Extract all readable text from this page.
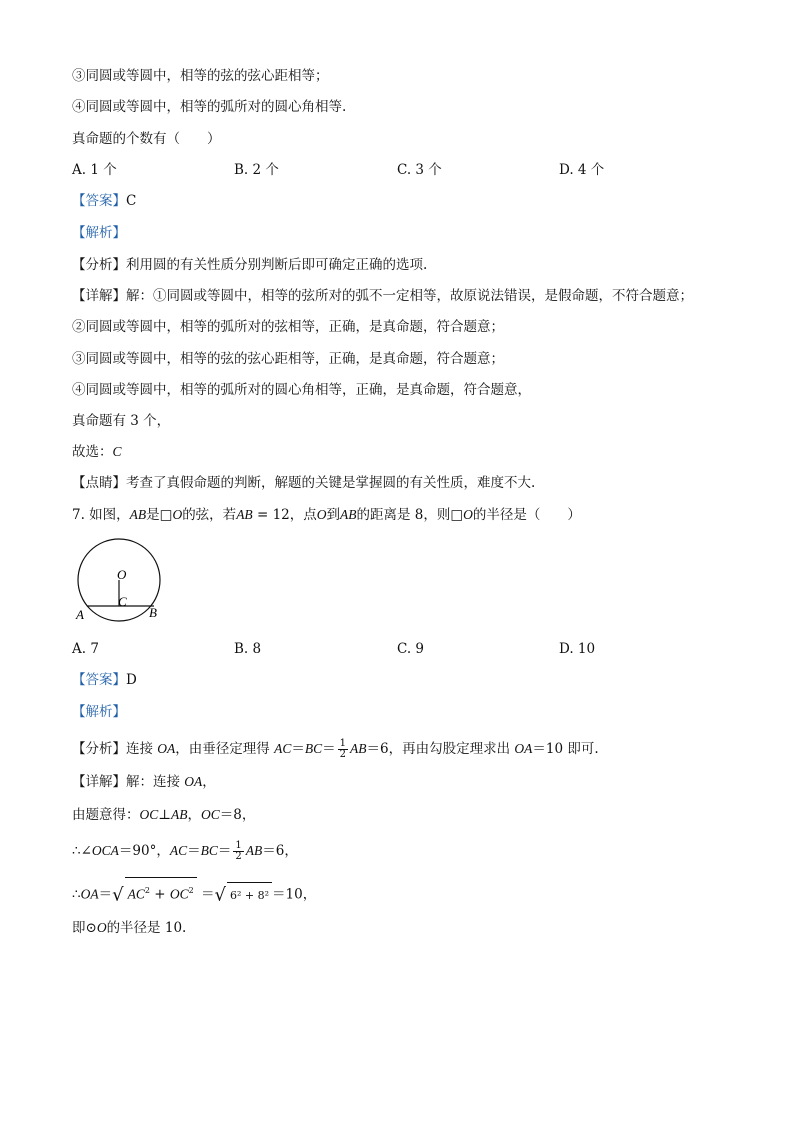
③同圆或等圆中，相等的弦的弦心距相等；
④同圆或等圆中，相等的弧所对的圆心角相等.
真命题的个数有（　　）
A. 1 个	B. 2 个	C. 3 个	D. 4 个
【答案】C
【解析】
【分析】利用圆的有关性质分别判断后即可确定正确的选项.
【详解】解：①同圆或等圆中，相等的弦所对的弧不一定相等，故原说法错误，是假命题，不符合题意；
②同圆或等圆中，相等的弧所对的弦相等，正确，是真命题，符合题意；
③同圆或等圆中，相等的弦的弦心距相等，正确，是真命题，符合题意；
④同圆或等圆中，相等的弧所对的圆心角相等，正确，是真命题，符合题意，
真命题有 3 个，
故选：C
【点睛】考查了真假命题的判断，解题的关键是掌握圆的有关性质，难度不大.
7. 如图，AB是□O的弦，若AB = 12，点O到AB的距离是 8，则□O的半径是（　　）
O
C
A	B
A. 7	B. 8	C. 9	D. 10
【答案】D
【解析】
【分析】连接 OA，由垂径定理得 $AC=BC= \frac{1}{2} AB=6$，再由勾股定理求出 OA＝10 即可.
【详解】解：连接 OA，
由题意得：OC⊥AB，OC＝8，
∴∠OCA＝90°，$AC=BC= \frac{1}{2} AB=6$，
∴OA＝√ $AC^2 + OC^2$ ＝√ 6² + 8² ＝10，
即⊙O的半径是 10.
